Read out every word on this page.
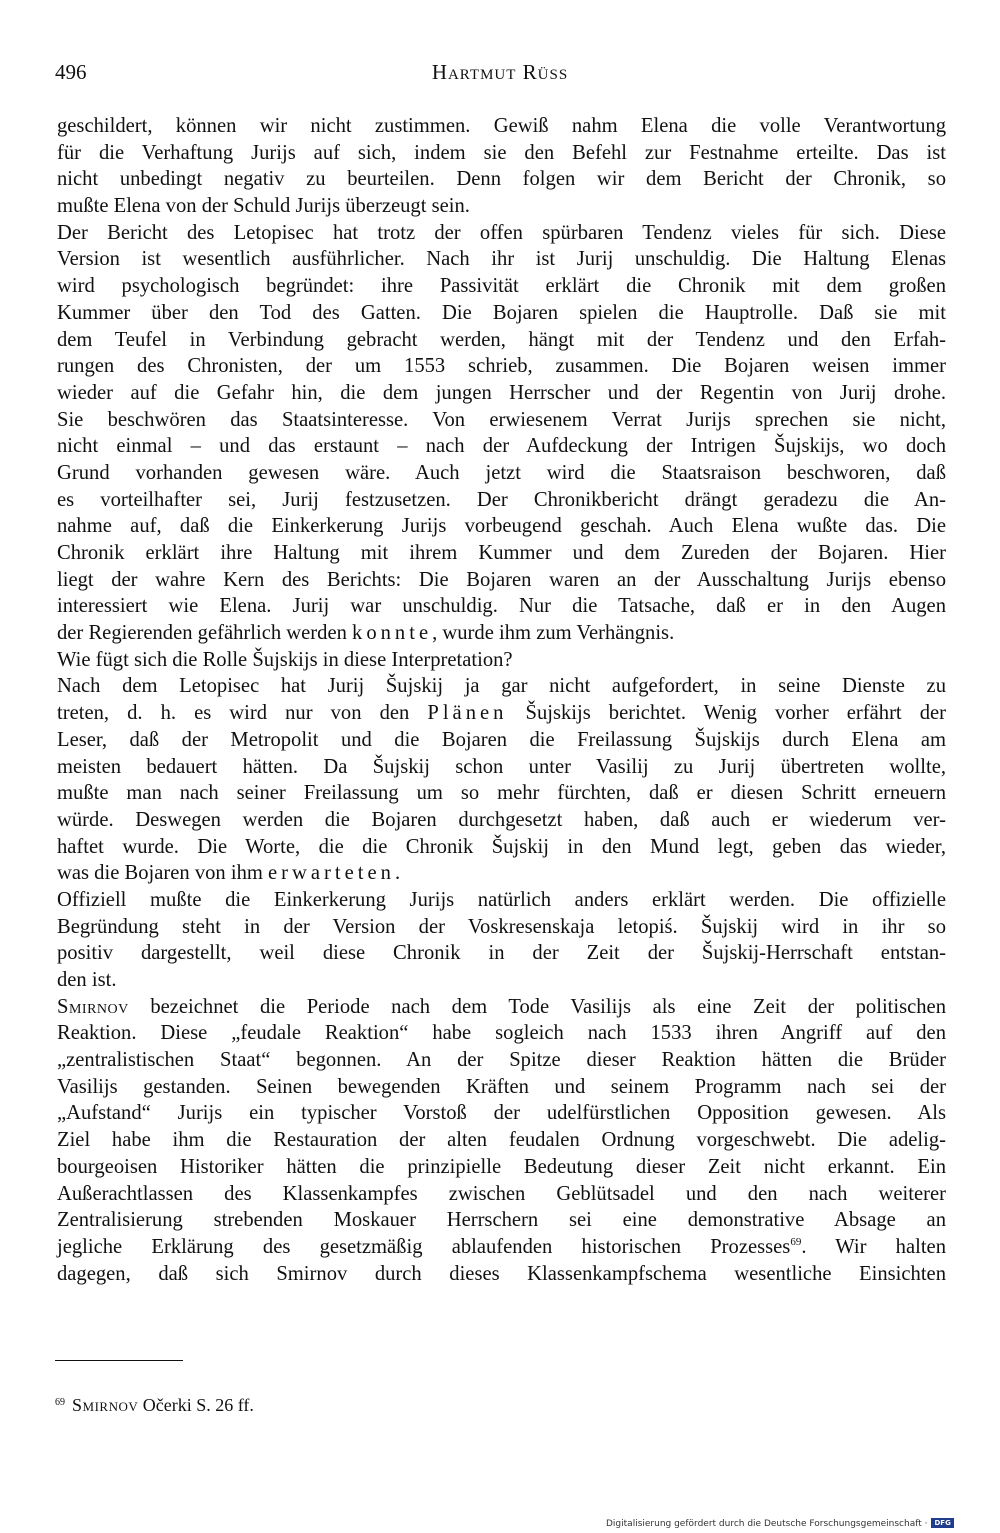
496	Hartmut Rüss
geschildert, können wir nicht zustimmen. Gewiß nahm Elena die volle Verantwortung
für die Verhaftung Jurijs auf sich, indem sie den Befehl zur Festnahme erteilte. Das ist
nicht unbedingt negativ zu beurteilen. Denn folgen wir dem Bericht der Chronik, so
mußte Elena von der Schuld Jurijs überzeugt sein.
Der Bericht des Letopisec hat trotz der offen spürbaren Tendenz vieles für sich. Diese
Version ist wesentlich ausführlicher. Nach ihr ist Jurij unschuldig. Die Haltung Elenas
wird psychologisch begründet: ihre Passivität erklärt die Chronik mit dem großen
Kummer über den Tod des Gatten. Die Bojaren spielen die Hauptrolle. Daß sie mit
dem Teufel in Verbindung gebracht werden, hängt mit der Tendenz und den Erfah-
rungen des Chronisten, der um 1553 schrieb, zusammen. Die Bojaren weisen immer
wieder auf die Gefahr hin, die dem jungen Herrscher und der Regentin von Jurij drohe.
Sie beschwören das Staatsinteresse. Von erwiesenem Verrat Jurijs sprechen sie nicht,
nicht einmal – und das erstaunt – nach der Aufdeckung der Intrigen Šujskijs, wo doch
Grund vorhanden gewesen wäre. Auch jetzt wird die Staatsraison beschworen, daß
es vorteilhafter sei, Jurij festzusetzen. Der Chronikbericht drängt geradezu die An-
nahme auf, daß die Einkerkerung Jurijs vorbeugend geschah. Auch Elena wußte das. Die
Chronik erklärt ihre Haltung mit ihrem Kummer und dem Zureden der Bojaren. Hier
liegt der wahre Kern des Berichts: Die Bojaren waren an der Ausschaltung Jurijs ebenso
interessiert wie Elena. Jurij war unschuldig. Nur die Tatsache, daß er in den Augen
der Regierenden gefährlich werden konnte, wurde ihm zum Verhängnis.
Wie fügt sich die Rolle Šujskijs in diese Interpretation?
Nach dem Letopisec hat Jurij Šujskij ja gar nicht aufgefordert, in seine Dienste zu
treten, d. h. es wird nur von den Plänen Šujskijs berichtet. Wenig vorher erfährt der
Leser, daß der Metropolit und die Bojaren die Freilassung Šujskijs durch Elena am
meisten bedauert hätten. Da Šujskij schon unter Vasilij zu Jurij übertreten wollte,
mußte man nach seiner Freilassung um so mehr fürchten, daß er diesen Schritt erneuern
würde. Deswegen werden die Bojaren durchgesetzt haben, daß auch er wiederum ver-
haftet wurde. Die Worte, die die Chronik Šujskij in den Mund legt, geben das wieder,
was die Bojaren von ihm erwarteten.
Offiziell mußte die Einkerkerung Jurijs natürlich anders erklärt werden. Die offizielle
Begründung steht in der Version der Voskresenskaja letopiś. Šujskij wird in ihr so
positiv dargestellt, weil diese Chronik in der Zeit der Šujskij-Herrschaft entstan-
den ist.
Smirnov bezeichnet die Periode nach dem Tode Vasilijs als eine Zeit der politischen
Reaktion. Diese „feudale Reaktion“ habe sogleich nach 1533 ihren Angriff auf den
„zentralistischen Staat“ begonnen. An der Spitze dieser Reaktion hätten die Brüder
Vasilijs gestanden. Seinen bewegenden Kräften und seinem Programm nach sei der
„Aufstand“ Jurijs ein typischer Vorstoß der udelfürstlichen Opposition gewesen. Als
Ziel habe ihm die Restauration der alten feudalen Ordnung vorgeschwebt. Die adelig-
bourgeoisen Historiker hätten die prinzipielle Bedeutung dieser Zeit nicht erkannt. Ein
Außerachtlassen des Klassenkampfes zwischen Geblütsadel und den nach weiterer
Zentralisierung strebenden Moskauer Herrschern sei eine demonstrative Absage an
jegliche Erklärung des gesetzmäßig ablaufenden historischen Prozesses$^{69}$. Wir halten
dagegen, daß sich Smirnov durch dieses Klassenkampfschema wesentliche Einsichten
$^{69}$ Smirnov Očerki S. 26 ff.
Digitalisierung gefördert durch die Deutsche Forschungsgemeinschaft · DFG
